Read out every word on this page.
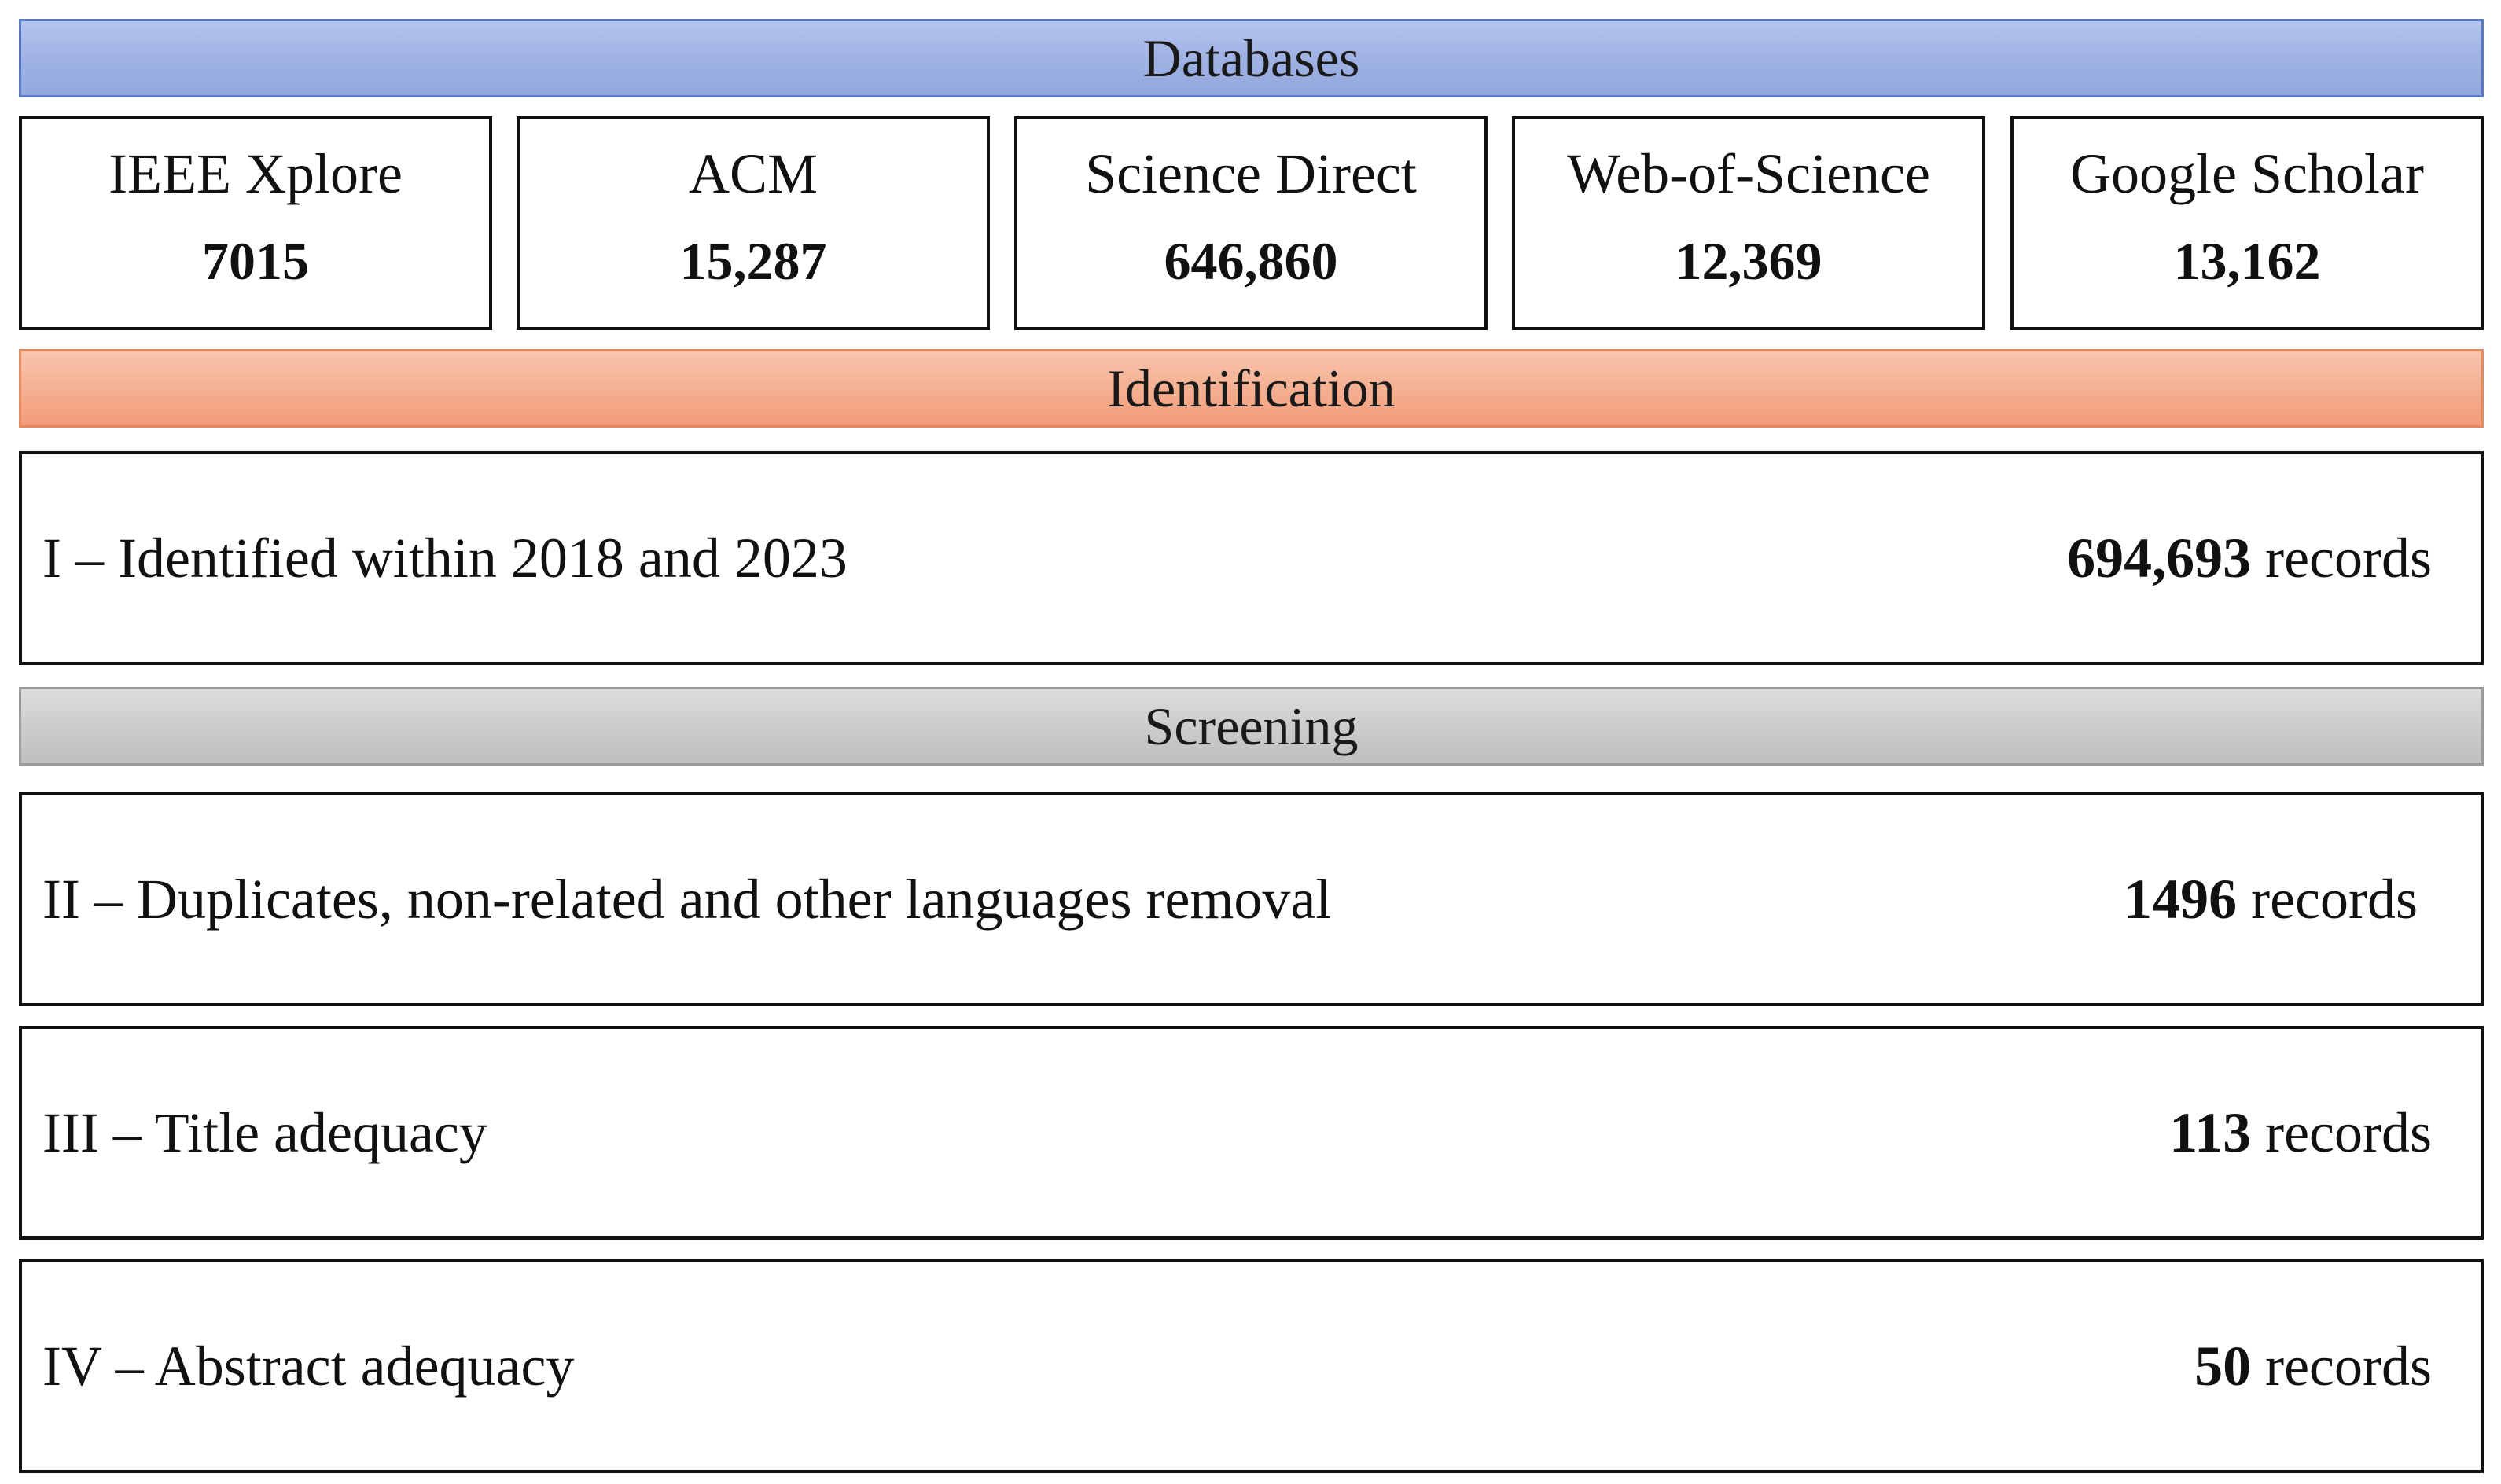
Databases
IEEE Xplore
7015
ACM
15,287
Science Direct
646,860
Web-of-Science
12,369
Google Scholar
13,162
Identification
I – Identified within 2018 and 2023	694,693 records
Screening
II – Duplicates, non-related and other languages removal	1496 records
III – Title adequacy	113 records
IV – Abstract adequacy	50 records
